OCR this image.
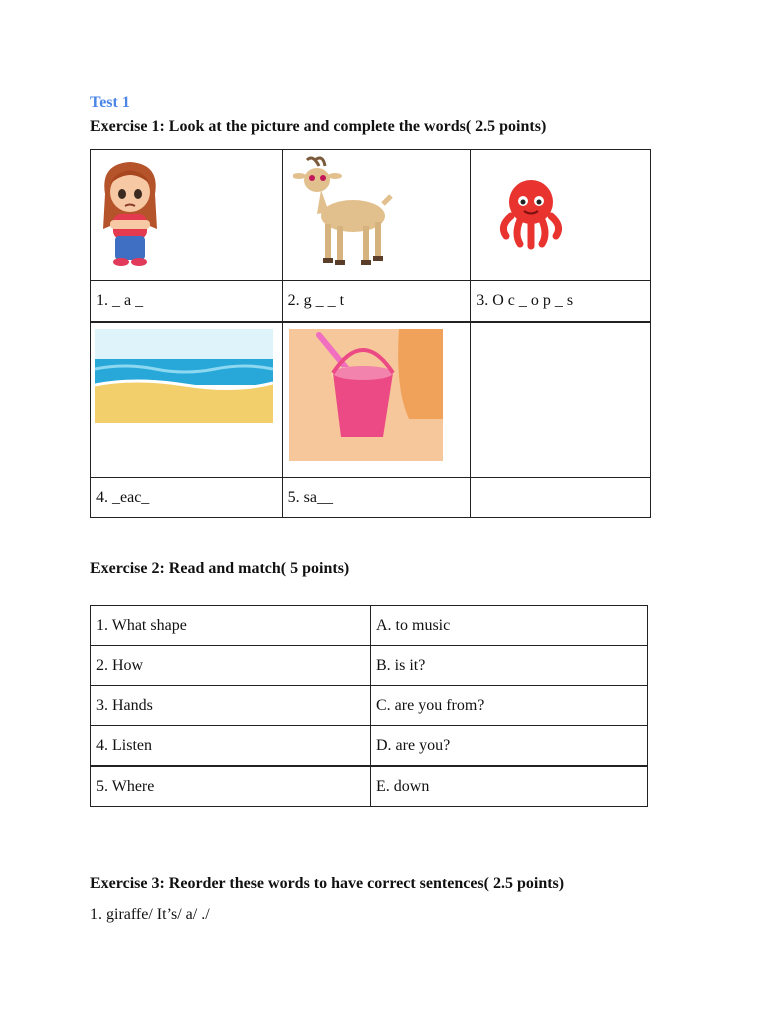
Test 1
Exercise 1: Look at the picture and complete the words( 2.5 points)

1. _ a _	2. g _ _ t	3. O c _ o p _ s

4. _eac_	5. sa__	
Exercise 2: Read and match( 5 points)
1. What shape	A. to music
2. How	B. is it?
3. Hands	C. are you from?
4. Listen	D. are you?
5. Where	E. down
Exercise 3: Reorder these words to have correct sentences( 2.5 points)
1. giraffe/ It’s/ a/ ./
